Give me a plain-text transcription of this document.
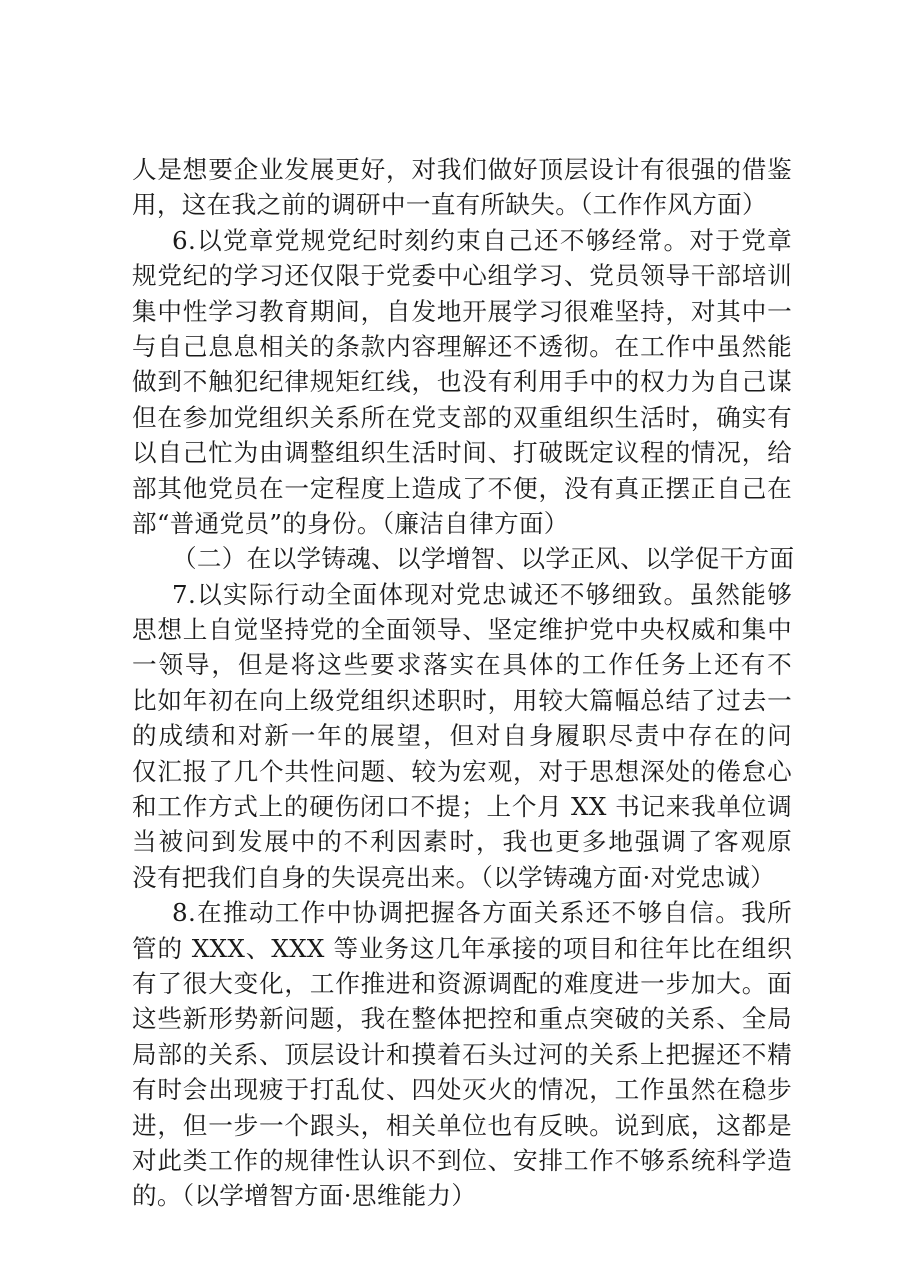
人是想要企业发展更好，对我们做好顶层设计有很强的借鉴
用，这在我之前的调研中一直有所缺失。（工作作风方面）
6.以党章党规党纪时刻约束自己还不够经常。对于党章
规党纪的学习还仅限于党委中心组学习、党员领导干部培训
集中性学习教育期间，自发地开展学习很难坚持，对其中一
与自己息息相关的条款内容理解还不透彻。在工作中虽然能
做到不触犯纪律规矩红线，也没有利用手中的权力为自己谋
但在参加党组织关系所在党支部的双重组织生活时，确实有
以自己忙为由调整组织生活时间、打破既定议程的情况，给
部其他党员在一定程度上造成了不便，没有真正摆正自己在
部“普通党员”的身份。（廉洁自律方面）
（二）在以学铸魂、以学增智、以学正风、以学促干方面
7.以实际行动全面体现对党忠诚还不够细致。虽然能够
思想上自觉坚持党的全面领导、坚定维护党中央权威和集中
一领导，但是将这些要求落实在具体的工作任务上还有不
比如年初在向上级党组织述职时，用较大篇幅总结了过去一
的成绩和对新一年的展望，但对自身履职尽责中存在的问
仅汇报了几个共性问题、较为宏观，对于思想深处的倦怠心
和工作方式上的硬伤闭口不提；上个月 XX 书记来我单位调
当被问到发展中的不利因素时，我也更多地强调了客观原
没有把我们自身的失误亮出来。（以学铸魂方面·对党忠诚）
8.在推动工作中协调把握各方面关系还不够自信。我所
管的 XXX、XXX 等业务这几年承接的项目和往年比在组织
有了很大变化，工作推进和资源调配的难度进一步加大。面
这些新形势新问题，我在整体把控和重点突破的关系、全局
局部的关系、顶层设计和摸着石头过河的关系上把握还不精
有时会出现疲于打乱仗、四处灭火的情况，工作虽然在稳步
进，但一步一个跟头，相关单位也有反映。说到底，这都是
对此类工作的规律性认识不到位、安排工作不够系统科学造
的。（以学增智方面·思维能力）
